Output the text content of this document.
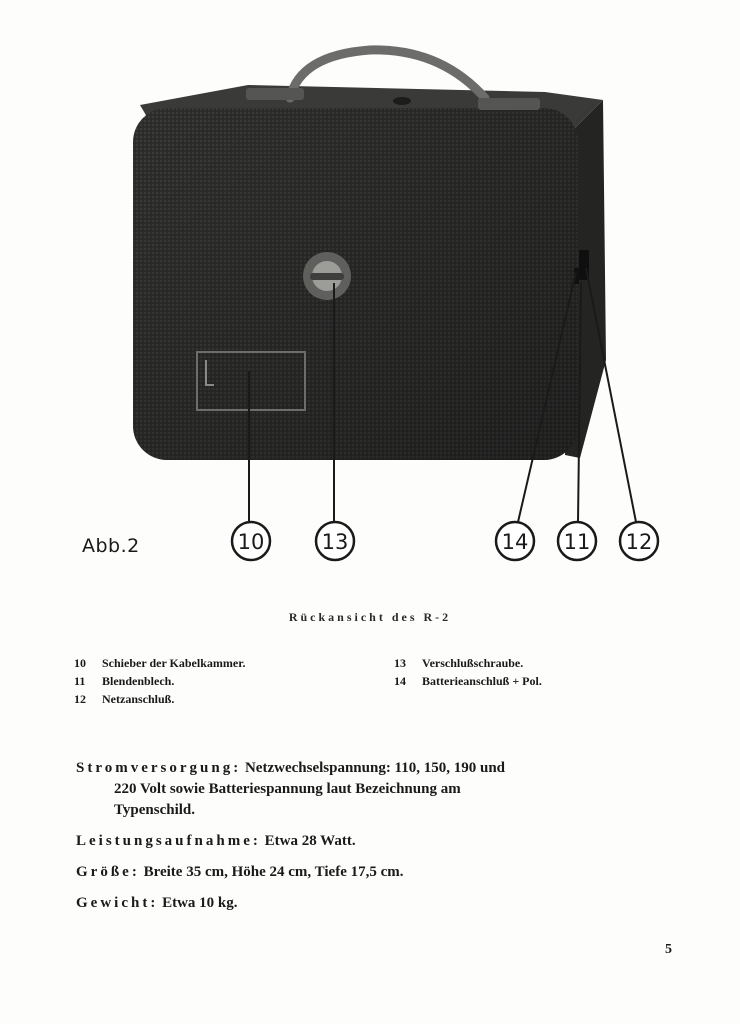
10	13	14 11 12
Abb.2
Rückansicht des R-2
10 Schieber der Kabelkammer.
11 Blendenblech.
12 Netzanschluß.
13 Verschlußschraube.
14 Batterieanschluß + Pol.
Stromversorgung: Netzwechselspannung: 110, 150, 190 und
220 Volt sowie Batteriespannung laut Bezeichnung am
Typenschild.
Leistungsaufnahme: Etwa 28 Watt.
Größe: Breite 35 cm, Höhe 24 cm, Tiefe 17,5 cm.
Gewicht: Etwa 10 kg.
5
